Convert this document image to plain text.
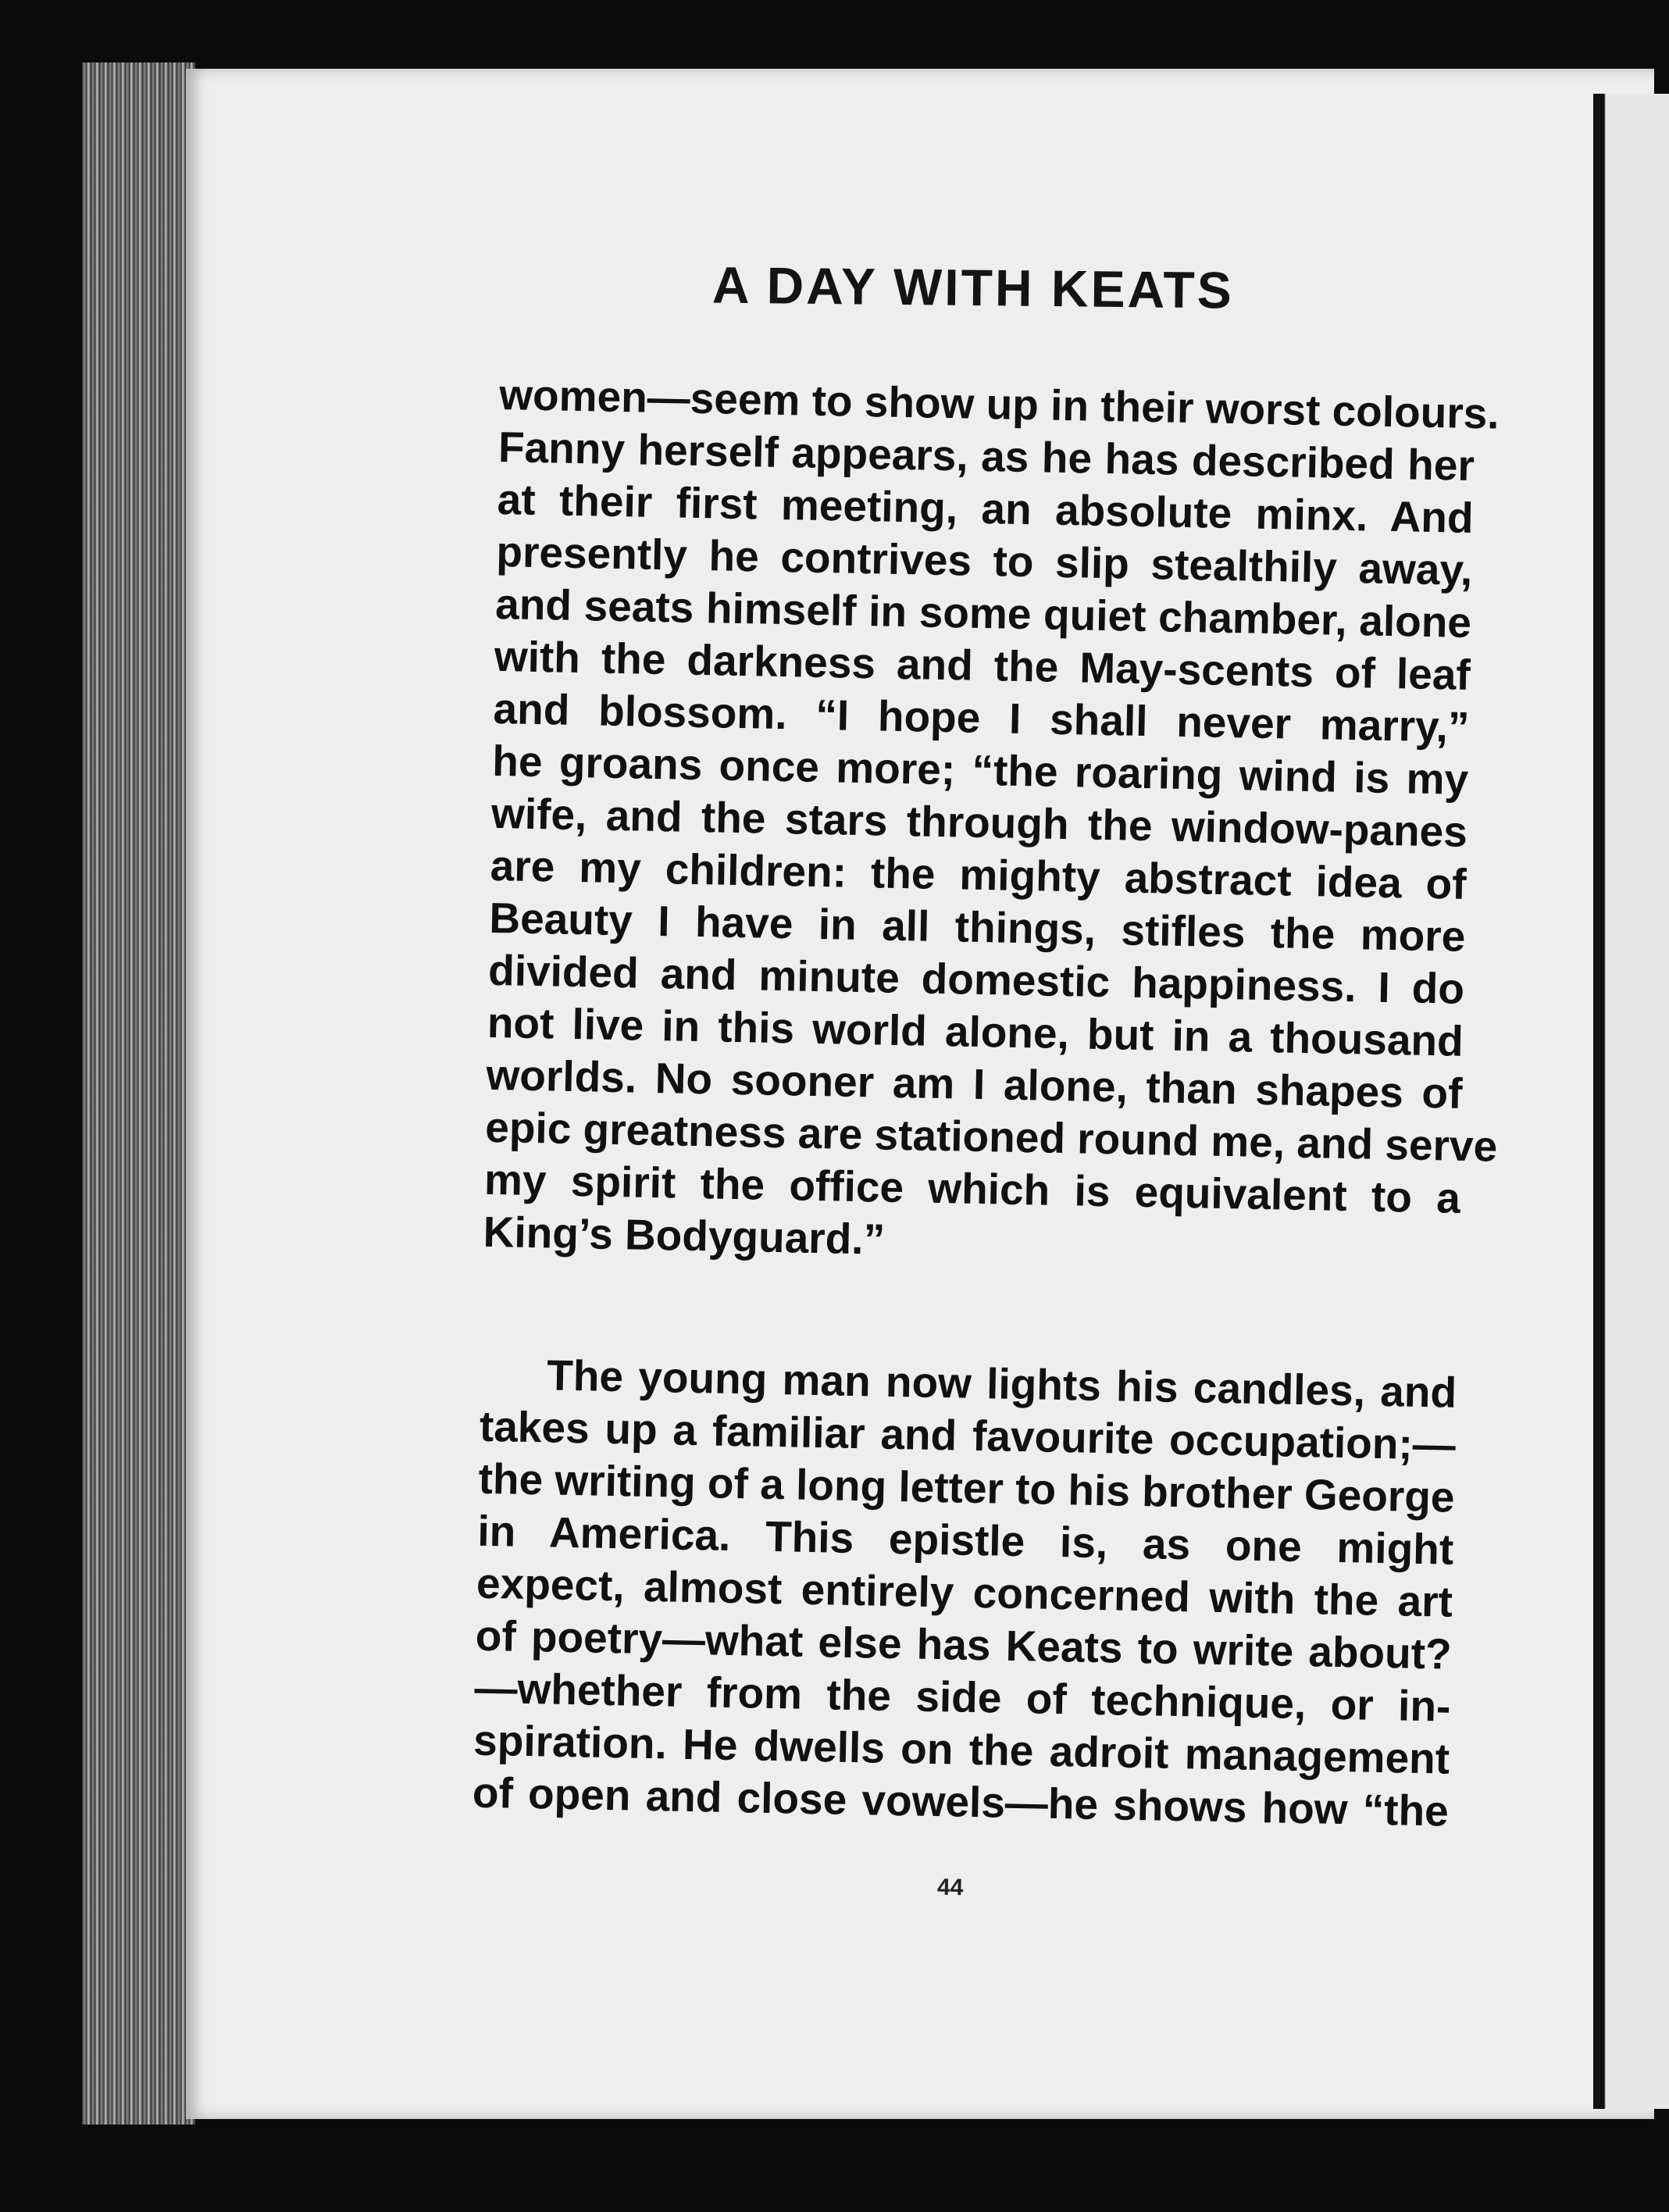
A DAY WITH KEATS
women—seem to show up in their worst colours.
Fanny herself appears, as he has described her
at their first meeting, an absolute minx. And
presently he contrives to slip stealthily away,
and seats himself in some quiet chamber, alone
with the darkness and the May-scents of leaf
and blossom. “I hope I shall never marry,”
he groans once more; “the roaring wind is my
wife, and the stars through the window-panes
are my children: the mighty abstract idea of
Beauty I have in all things, stifles the more
divided and minute domestic happiness. I do
not live in this world alone, but in a thousand
worlds. No sooner am I alone, than shapes of
epic greatness are stationed round me, and serve
my spirit the office which is equivalent to a
King’s Bodyguard.”
The young man now lights his candles, and
takes up a familiar and favourite occupation;—
the writing of a long letter to his brother George
in America. This epistle is, as one might
expect, almost entirely concerned with the art
of poetry—what else has Keats to write about?
—whether from the side of technique, or in-
spiration. He dwells on the adroit management
of open and close vowels—he shows how “the
44
